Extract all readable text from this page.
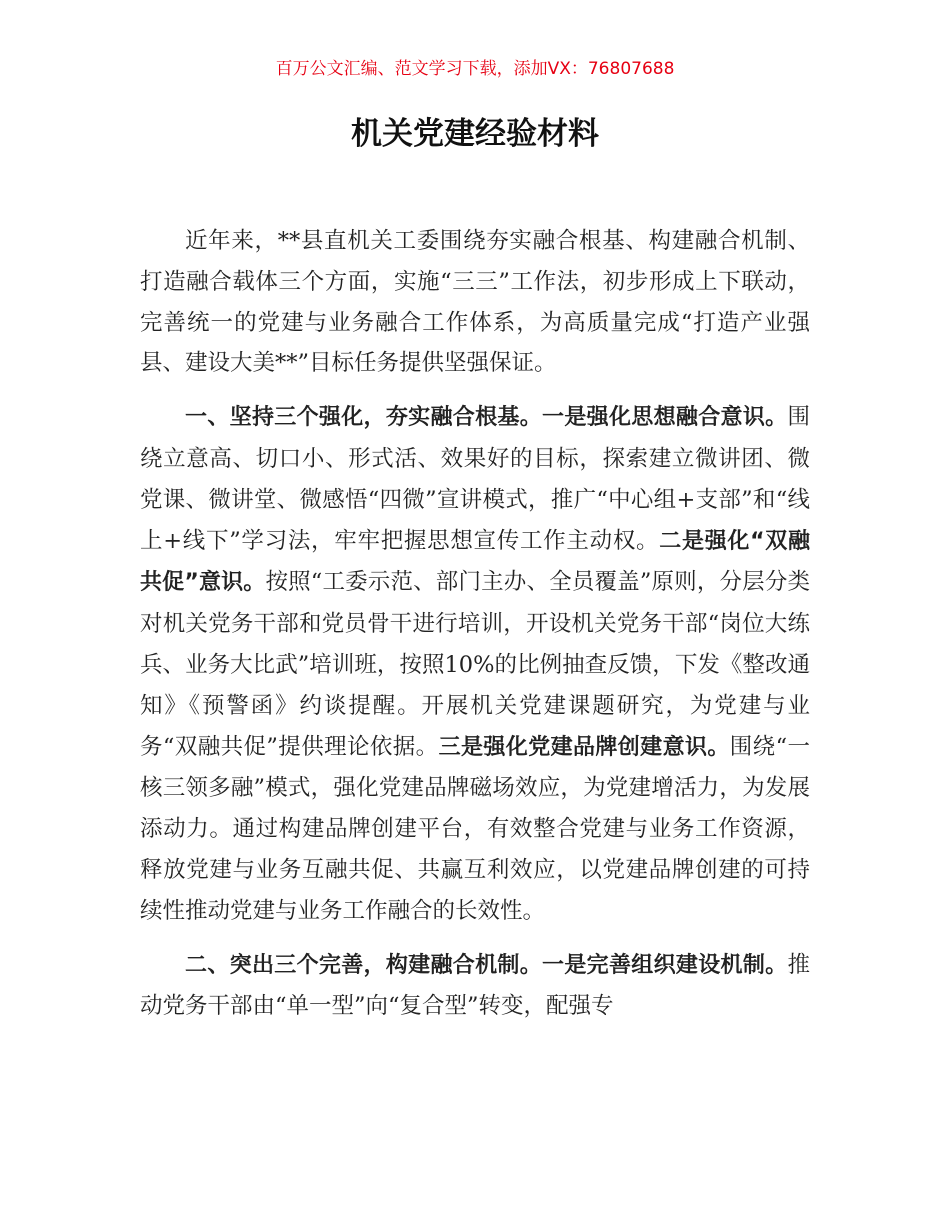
百万公文汇编、范文学习下载，添加VX：76807688
机关党建经验材料

近年来，**县直机关工委围绕夯实融合根基、构建融合机制、打造融合载体三个方面，实施“三三”工作法，初步形成上下联动，完善统一的党建与业务融合工作体系，为高质量完成“打造产业强县、建设大美**”目标任务提供坚强保证。

一、坚持三个强化，夯实融合根基。一是强化思想融合意识。围绕立意高、切口小、形式活、效果好的目标，探索建立微讲团、微党课、微讲堂、微感悟“四微”宣讲模式，推广“中心组+支部”和“线上+线下”学习法，牢牢把握思想宣传工作主动权。二是强化“双融共促”意识。按照“工委示范、部门主办、全员覆盖”原则，分层分类对机关党务干部和党员骨干进行培训，开设机关党务干部“岗位大练兵、业务大比武”培训班，按照10%的比例抽查反馈，下发《整改通知》《预警函》约谈提醒。开展机关党建课题研究，为党建与业务“双融共促”提供理论依据。三是强化党建品牌创建意识。围绕“一核三领多融”模式，强化党建品牌磁场效应，为党建增活力，为发展添动力。通过构建品牌创建平台，有效整合党建与业务工作资源，释放党建与业务互融共促、共赢互利效应，以党建品牌创建的可持续性推动党建与业务工作融合的长效性。

二、突出三个完善，构建融合机制。一是完善组织建设机制。推动党务干部由“单一型”向“复合型”转变，配强专
